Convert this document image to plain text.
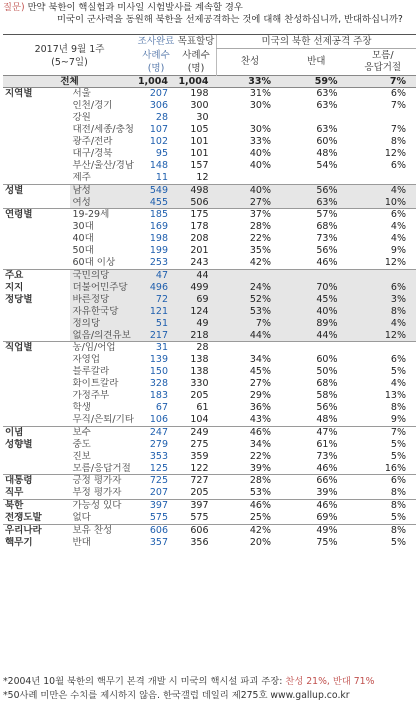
질문) 만약 북한이 핵실험과 미사일 시험발사를 계속할 경우
미국이 군사력을 동원해 북한을 선제공격하는 것에 대해 찬성하십니까, 반대하십니까?
2017년 9월 1주
(5~7일)		조사완료	목표할당	미국의 북한 선제공격 주장		
		사례수	사례수	찬성	반대	모름/
응답거절
		(명)	(명)			
전체		1,004	1,004	33%	59%	7%
지역별	서울	207	198	31%	63%	6%
	인천/경기	306	300	30%	63%	7%
	강원	28	30			
	대전/세종/충청	107	105	30%	63%	7%
	광주/전라	102	101	33%	60%	8%
	대구/경북	95	101	40%	48%	12%
	부산/울산/경남	148	157	40%	54%	6%
	제주	11	12			
성별	남성	549	498	40%	56%	4%
	여성	455	506	27%	63%	10%
연령별	19-29세	185	175	37%	57%	6%
	30대	169	178	28%	68%	4%
	40대	198	208	22%	73%	4%
	50대	199	201	35%	56%	9%
	60대 이상	253	243	42%	46%	12%
주요	국민의당	47	44			
지지	더불어민주당	496	499	24%	70%	6%
정당별	바른정당	72	69	52%	45%	3%
	자유한국당	121	124	53%	40%	8%
	정의당	51	49	7%	89%	4%
	없음/의견유보	217	218	44%	44%	12%
직업별	농/임/어업	31	28			
	자영업	139	138	34%	60%	6%
	블루칼라	150	138	45%	50%	5%
	화이트칼라	328	330	27%	68%	4%
	가정주부	183	205	29%	58%	13%
	학생	67	61	36%	56%	8%
	무직/은퇴/기타	106	104	43%	48%	9%
이념	보수	247	249	46%	47%	7%
성향별	중도	279	275	34%	61%	5%
	진보	353	359	22%	73%	5%
	모름/응답거절	125	122	39%	46%	16%
대통령	긍정 평가자	725	727	28%	66%	6%
직무	부정 평가자	207	205	53%	39%	8%
북한	가능성 있다	397	397	46%	46%	8%
전쟁도발	없다	575	575	25%	69%	5%
우리나라	보유 찬성	606	606	42%	49%	8%
핵무기	반대	357	356	20%	75%	5%
*2004년 10월 북한의 핵무기 본격 개발 시 미국의 핵시설 파괴 주장: 찬성 21%, 반대 71%
*50사례 미만은 수치를 제시하지 않음. 한국갤럽 데일리 제275호 www.gallup.co.kr
